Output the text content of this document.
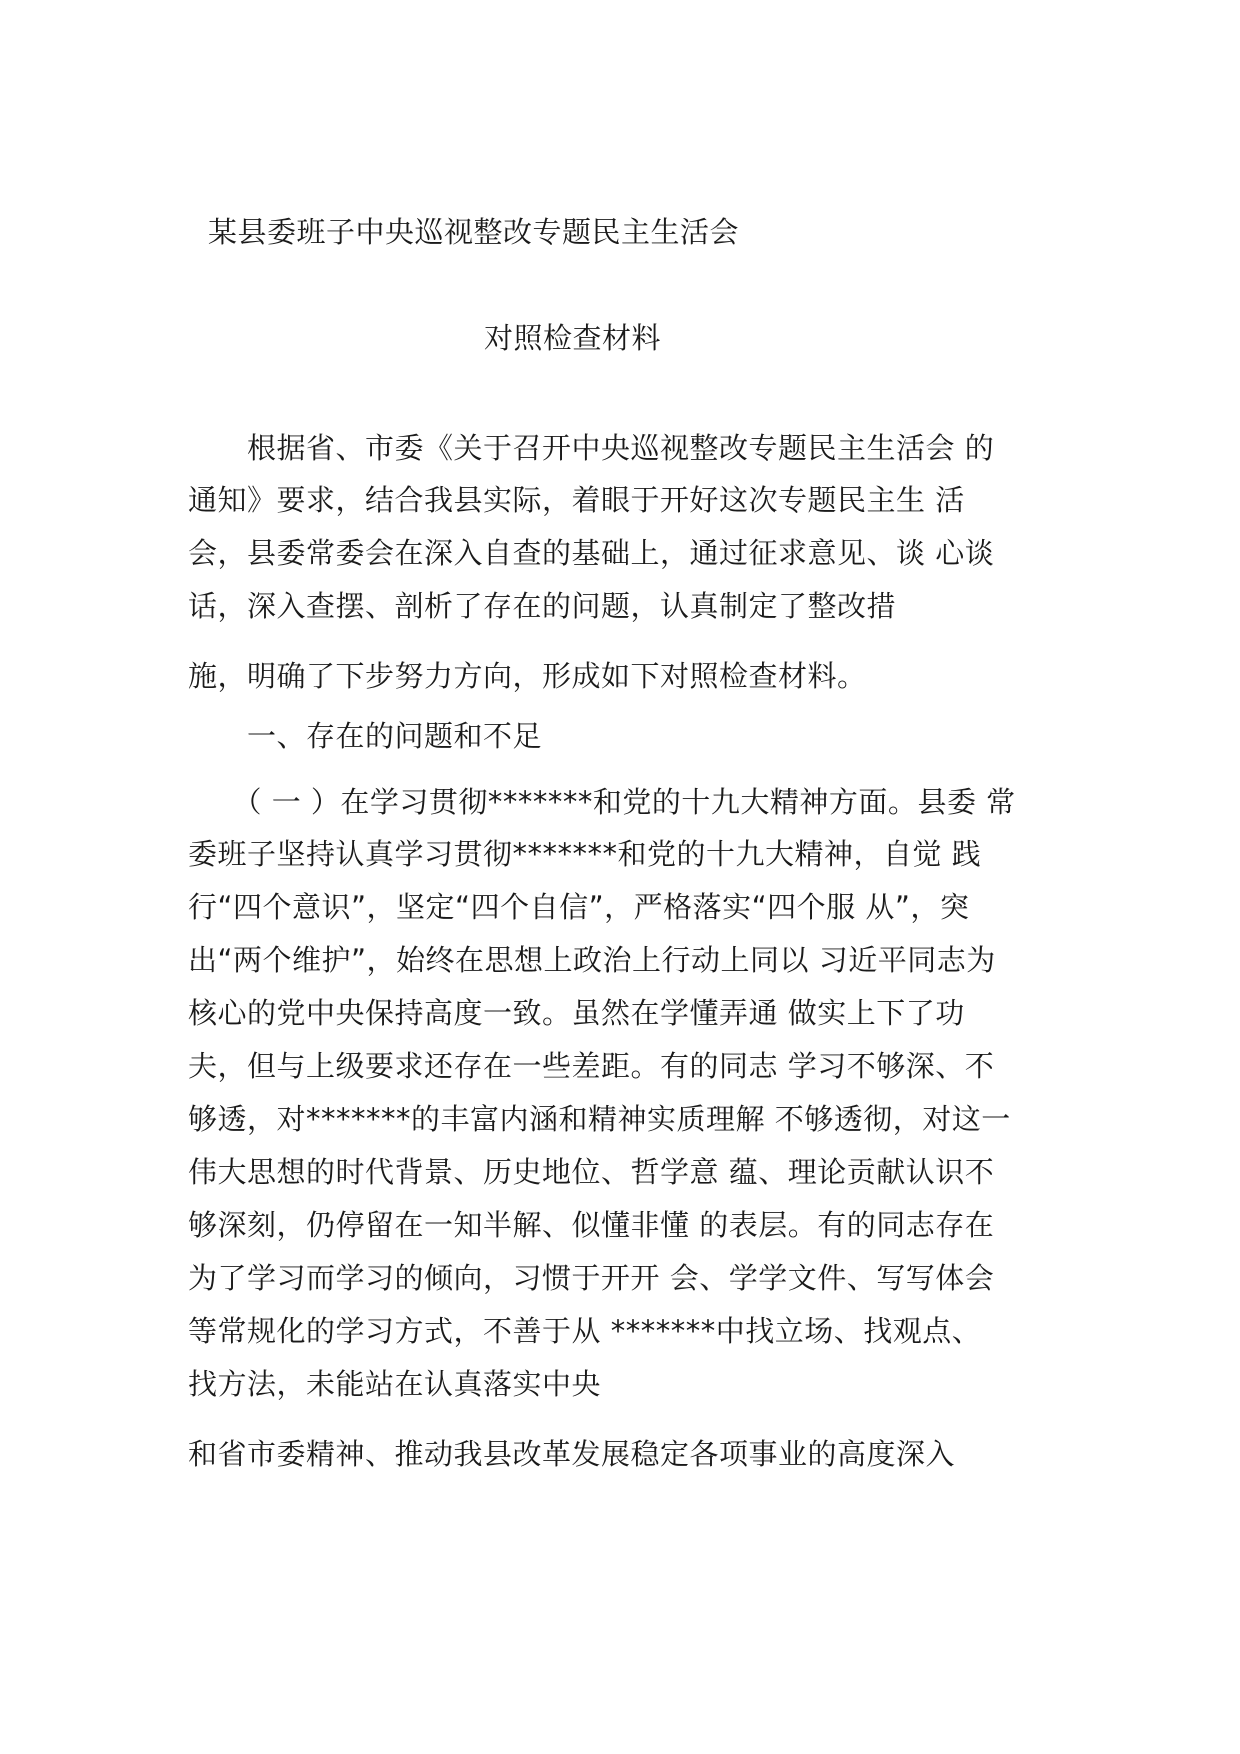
某县委班子中央巡视整改专题民主生活会
对照检查材料
　　根据省、市委《关于召开中央巡视整改专题民主生活会 的
通知》要求，结合我县实际，着眼于开好这次专题民主生 活
会，县委常委会在深入自查的基础上，通过征求意见、谈 心谈
话，深入查摆、剖析了存在的问题，认真制定了整改措
施，明确了下步努力方向，形成如下对照检查材料。
　　一、存在的问题和不足
　　（ 一 ）在学习贯彻*******和党的十九大精神方面。县委 常
委班子坚持认真学习贯彻*******和党的十九大精神，自觉 践
行“四个意识”，坚定“四个自信”，严格落实“四个服 从”，突
出“两个维护”，始终在思想上政治上行动上同以 习近平同志为
核心的党中央保持高度一致。虽然在学懂弄通 做实上下了功
夫，但与上级要求还存在一些差距。有的同志 学习不够深、不
够透，对*******的丰富内涵和精神实质理解 不够透彻，对这一
伟大思想的时代背景、历史地位、哲学意 蕴、理论贡献认识不
够深刻，仍停留在一知半解、似懂非懂 的表层。有的同志存在
为了学习而学习的倾向，习惯于开开 会、学学文件、写写体会
等常规化的学习方式，不善于从 *******中找立场、找观点、
找方法，未能站在认真落实中央
和省市委精神、推动我县改革发展稳定各项事业的高度深入
